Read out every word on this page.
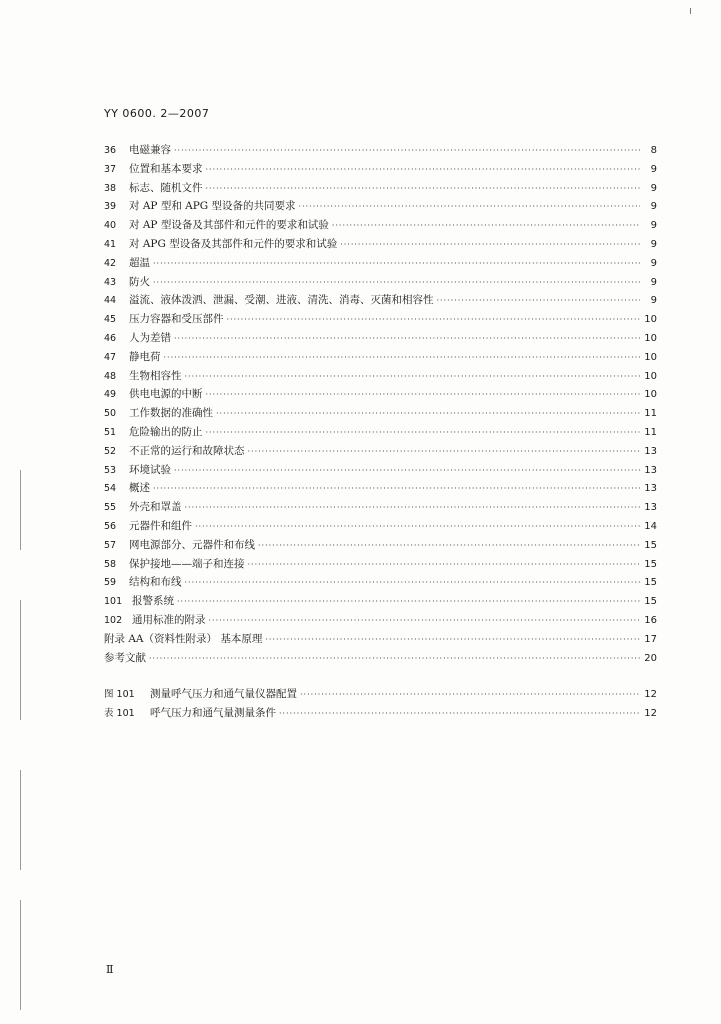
YY 0600. 2—2007
36	电磁兼容 ·····	8
37	位置和基本要求 ·····	9
38	标志、随机文件 ·····	9
39	对 AP 型和 APG 型设备的共同要求 ·····	9
40	对 AP 型设备及其部件和元件的要求和试验 ·····	9
41	对 APG 型设备及其部件和元件的要求和试验 ·····	9
42	超温 ·····	9
43	防火 ·····	9
44	溢流、液体泼洒、泄漏、受潮、进液、清洗、消毒、灭菌和相容性 ·····	9
45	压力容器和受压部件 ·····	10
46	人为差错 ·····	10
47	静电荷 ·····	10
48	生物相容性 ·····	10
49	供电电源的中断 ·····	10
50	工作数据的准确性 ·····	11
51	危险输出的防止 ·····	11
52	不正常的运行和故障状态 ·····	13
53	环境试验 ·····	13
54	概述 ·····	13
55	外壳和罩盖 ·····	13
56	元器件和组件 ·····	14
57	网电源部分、元器件和布线 ·····	15
58	保护接地——端子和连接 ·····	15
59	结构和布线 ·····	15
101 报警系统 ·····	15
102 通用标准的附录 ·····	16
附录 AA（资料性附录） 基本原理 ·····	17
参考文献 ·····	20
图 101	测量呼气压力和通气量仪器配置 ·····	12
表 101	呼气压力和通气量测量条件 ·····	12
Ⅱ
